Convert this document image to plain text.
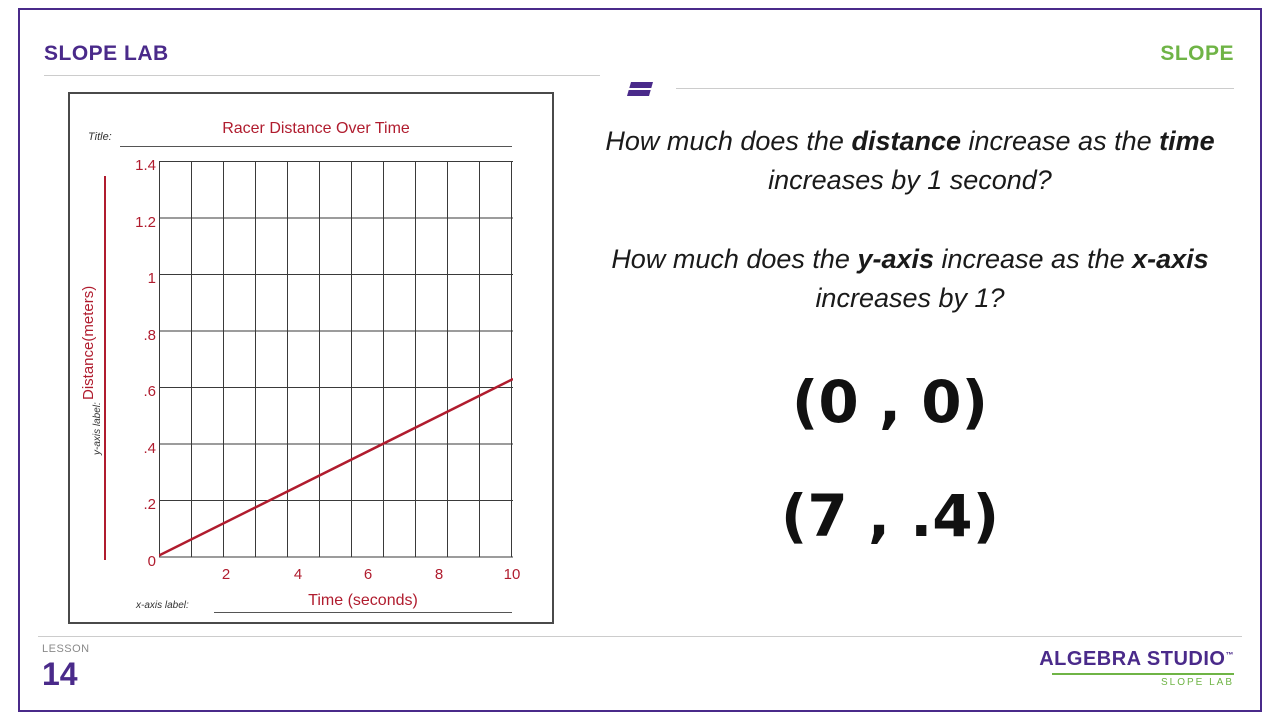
SLOPE LAB	SLOPE
Title:	Racer Distance Over Time
y-axis label:
Distance(meters)
x-axis label:	Time (seconds)
1.4
1.2
1
.8
.6
.4
.2
0
2	4	6	8	10
How much does the distance increase as the time increases by 1 second?
How much does the y-axis increase as the x-axis increases by 1?
(0 , 0)
(7 , .4)
LESSON
14	ALGEBRA STUDIO™
SLOPE LAB
